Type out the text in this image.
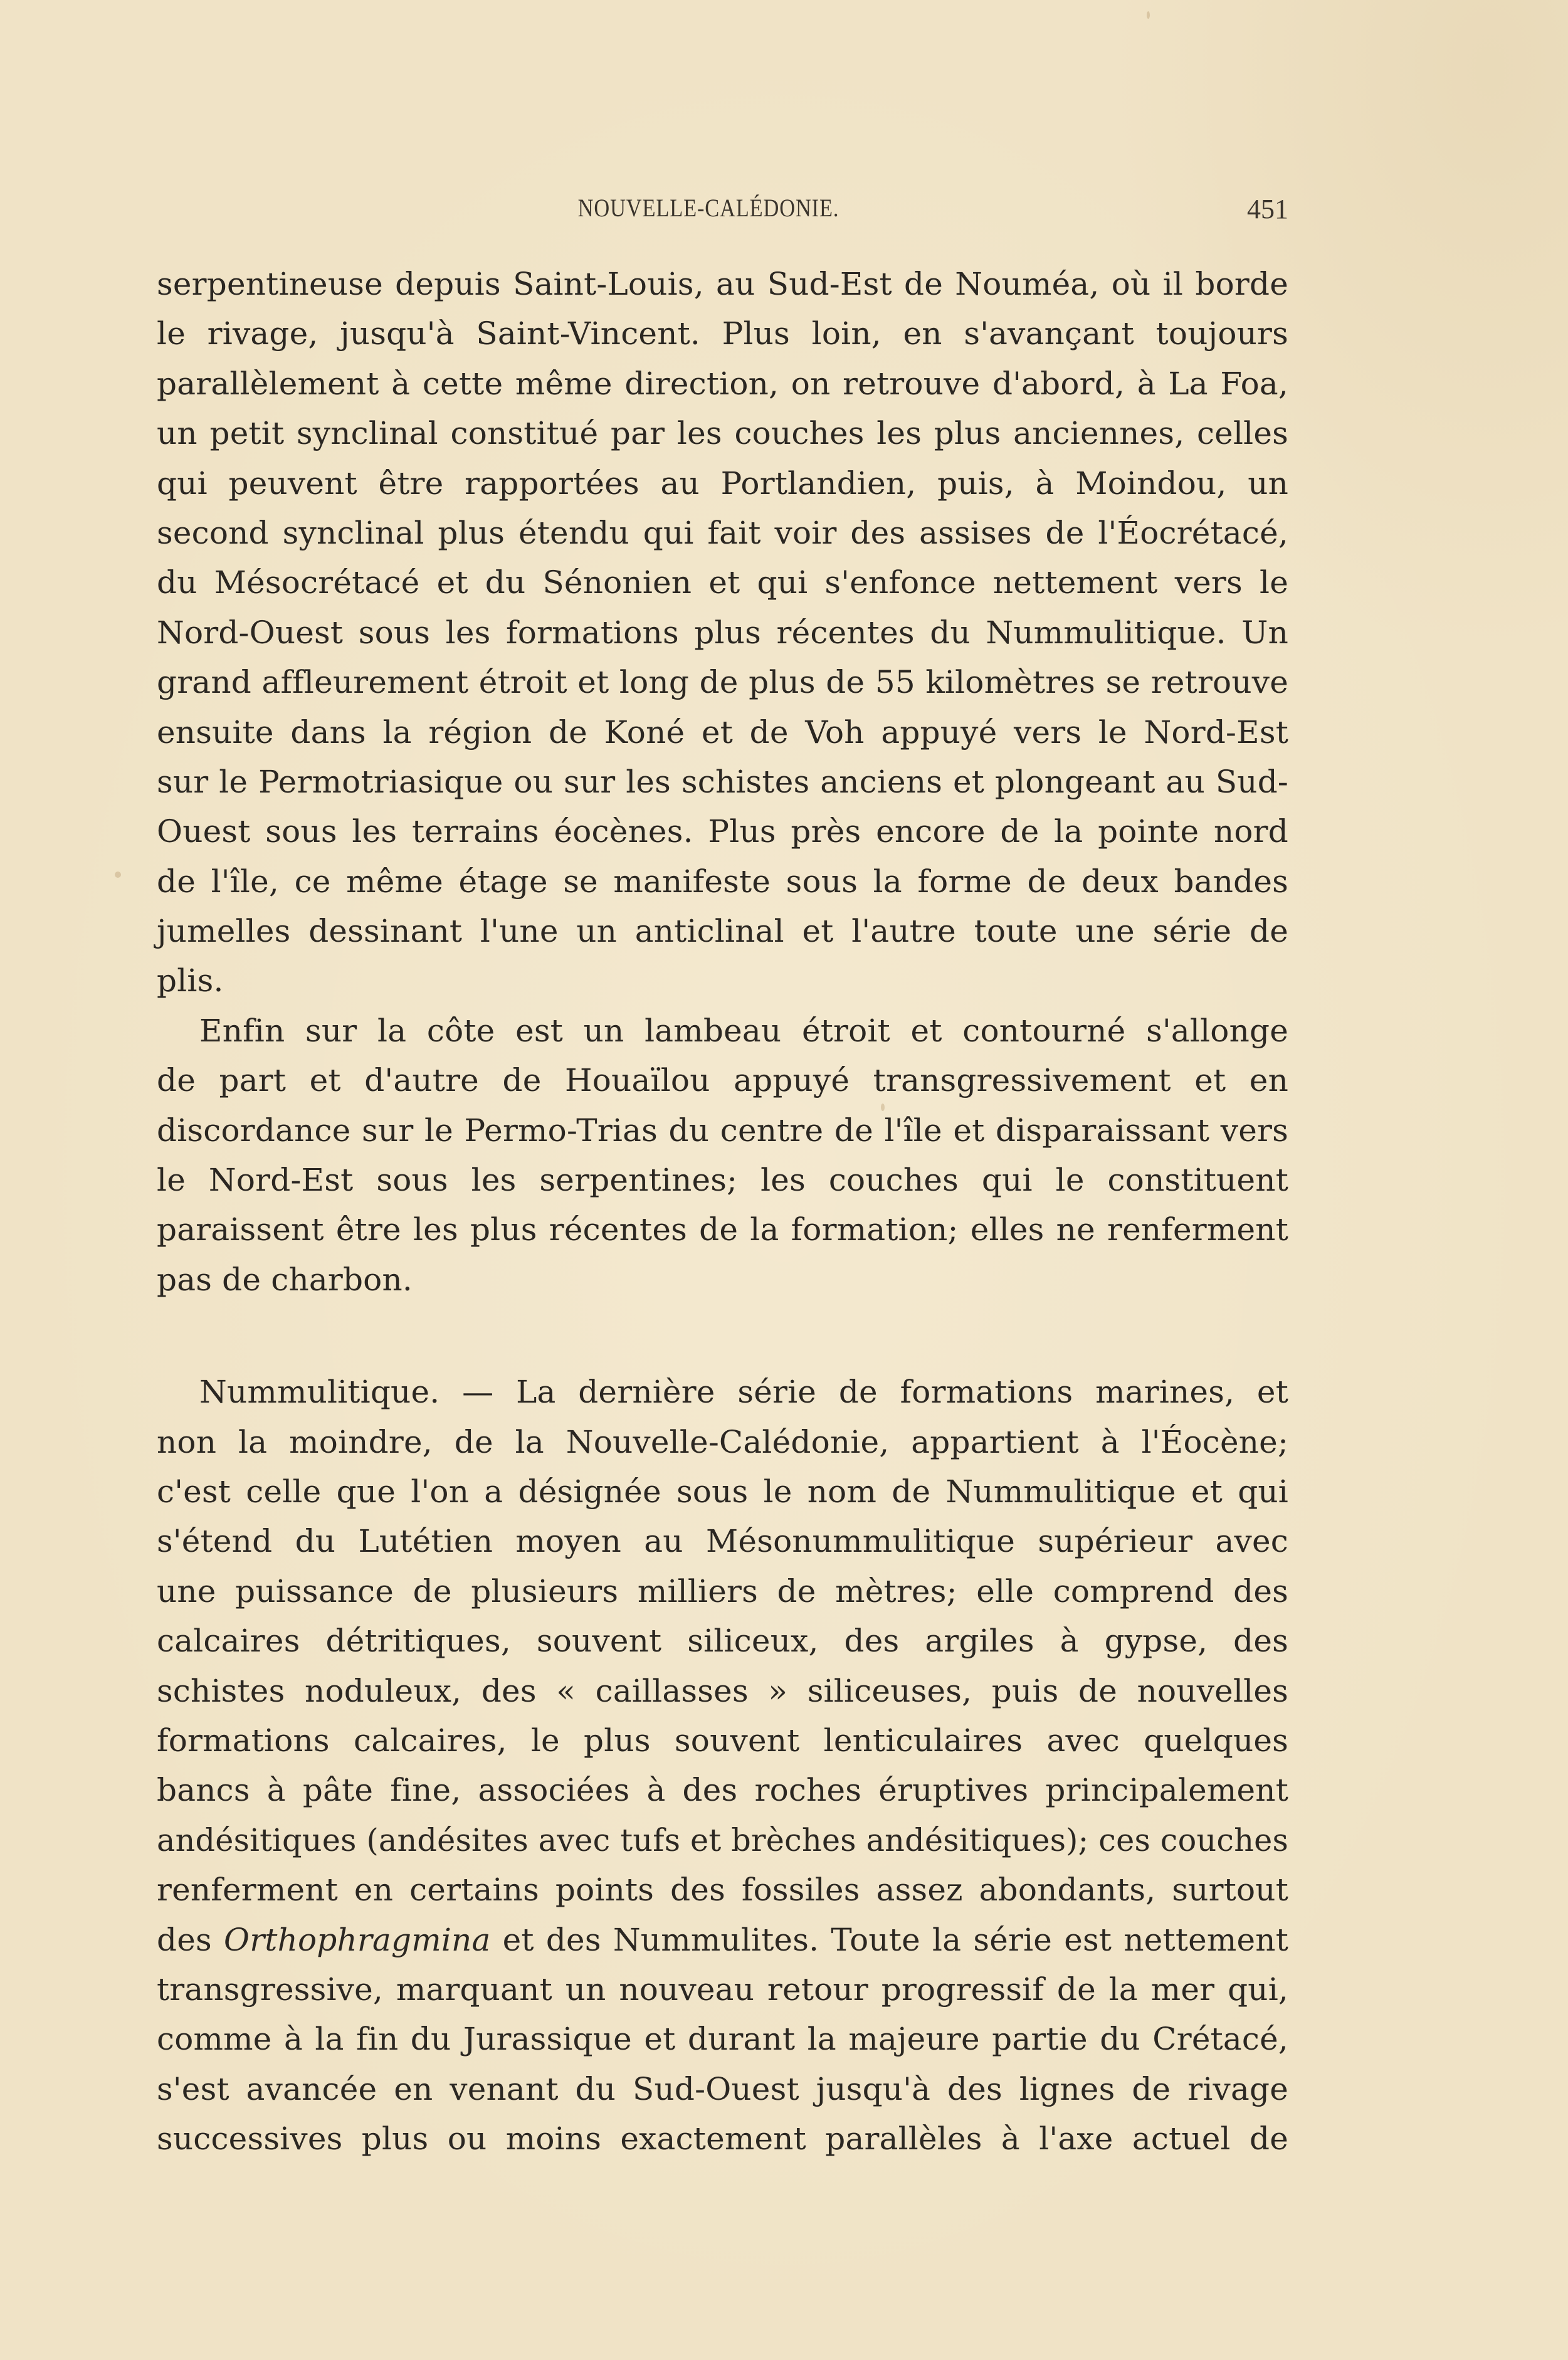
NOUVELLE-CALÉDONIE.	451
serpentineuse depuis Saint-Louis, au Sud-Est de Nouméa, où il borde
le rivage, jusqu'à Saint-Vincent. Plus loin, en s'avançant toujours
parallèlement à cette même direction, on retrouve d'abord, à La Foa,
un petit synclinal constitué par les couches les plus anciennes, celles
qui peuvent être rapportées au Portlandien, puis, à Moindou, un
second synclinal plus étendu qui fait voir des assises de l'Éocrétacé,
du Mésocrétacé et du Sénonien et qui s'enfonce nettement vers le
Nord-Ouest sous les formations plus récentes du Nummulitique. Un
grand affleurement étroit et long de plus de 55 kilomètres se retrouve
ensuite dans la région de Koné et de Voh appuyé vers le Nord-Est
sur le Permotriasique ou sur les schistes anciens et plongeant au Sud-
Ouest sous les terrains éocènes. Plus près encore de la pointe nord
de l'île, ce même étage se manifeste sous la forme de deux bandes
jumelles dessinant l'une un anticlinal et l'autre toute une série de
plis.
Enfin sur la côte est un lambeau étroit et contourné s'allonge
de part et d'autre de Houaïlou appuyé transgressivement et en
discordance sur le Permo-Trias du centre de l'île et disparaissant vers
le Nord-Est sous les serpentines; les couches qui le constituent
paraissent être les plus récentes de la formation; elles ne renferment
pas de charbon.
Nummulitique. — La dernière série de formations marines, et
non la moindre, de la Nouvelle-Calédonie, appartient à l'Éocène;
c'est celle que l'on a désignée sous le nom de Nummulitique et qui
s'étend du Lutétien moyen au Mésonummulitique supérieur avec
une puissance de plusieurs milliers de mètres; elle comprend des
calcaires détritiques, souvent siliceux, des argiles à gypse, des
schistes noduleux, des « caillasses » siliceuses, puis de nouvelles
formations calcaires, le plus souvent lenticulaires avec quelques
bancs à pâte fine, associées à des roches éruptives principalement
andésitiques (andésites avec tufs et brèches andésitiques); ces couches
renferment en certains points des fossiles assez abondants, surtout
des Orthophragmina et des Nummulites. Toute la série est nettement
transgressive, marquant un nouveau retour progressif de la mer qui,
comme à la fin du Jurassique et durant la majeure partie du Crétacé,
s'est avancée en venant du Sud-Ouest jusqu'à des lignes de rivage
successives plus ou moins exactement parallèles à l'axe actuel de
